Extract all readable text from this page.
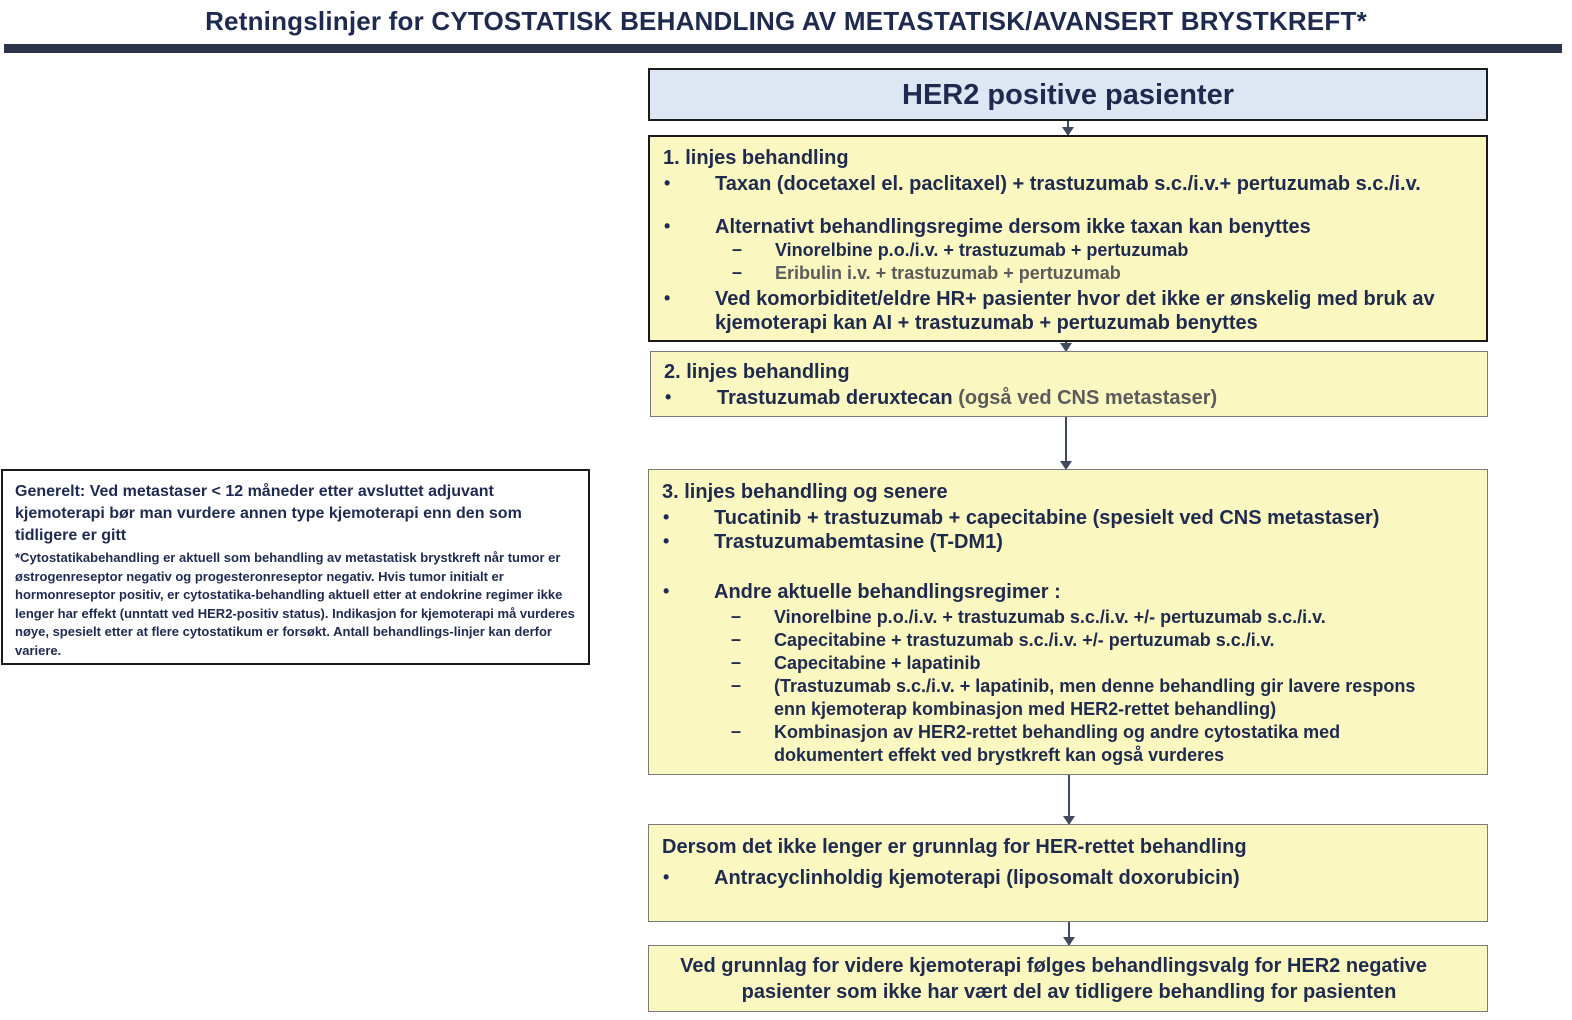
Retningslinjer for CYTOSTATISK BEHANDLING AV METASTATISK/AVANSERT BRYSTKREFT*
HER2 positive pasienter
1. linjes behandling
• Taxan (docetaxel el. paclitaxel) + trastuzumab s.c./i.v.+ pertuzumab s.c./i.v.
• Alternativt behandlingsregime dersom ikke taxan kan benyttes
– Vinorelbine p.o./i.v. + trastuzumab + pertuzumab
– Eribulin i.v. + trastuzumab + pertuzumab
• Ved komorbiditet/eldre HR+ pasienter hvor det ikke er ønskelig med bruk av
kjemoterapi kan AI + trastuzumab + pertuzumab benyttes
2. linjes behandling
• Trastuzumab deruxtecan (også ved CNS metastaser)
3. linjes behandling og senere
• Tucatinib + trastuzumab + capecitabine (spesielt ved CNS metastaser)
• Trastuzumabemtasine (T-DM1)
• Andre aktuelle behandlingsregimer :
– Vinorelbine p.o./i.v. + trastuzumab s.c./i.v. +/- pertuzumab s.c./i.v.
– Capecitabine + trastuzumab s.c./i.v. +/- pertuzumab s.c./i.v.
– Capecitabine + lapatinib
– (Trastuzumab s.c./i.v. + lapatinib, men denne behandling gir lavere respons
enn kjemoterap kombinasjon med HER2-rettet behandling)
– Kombinasjon av HER2-rettet behandling og andre cytostatika med
dokumentert effekt ved brystkreft kan også vurderes
Dersom det ikke lenger er grunnlag for HER-rettet behandling
• Antracyclinholdig kjemoterapi (liposomalt doxorubicin)
Ved grunnlag for videre kjemoterapi følges behandlingsvalg for HER2 negative
pasienter som ikke har vært del av tidligere behandling for pasienten
Generelt: Ved metastaser < 12 måneder etter avsluttet adjuvant kjemoterapi bør man vurdere annen type kjemoterapi enn den som tidligere er gitt
*Cytostatikabehandling er aktuell som behandling av metastatisk brystkreft når tumor er østrogenreseptor negativ og progesteronreseptor negativ. Hvis tumor initialt er hormonreseptor positiv, er cytostatika-behandling aktuell etter at endokrine regimer ikke lenger har effekt (unntatt ved HER2-positiv status). Indikasjon for kjemoterapi må vurderes nøye, spesielt etter at flere cytostatikum er forsøkt. Antall behandlings-linjer kan derfor variere.
